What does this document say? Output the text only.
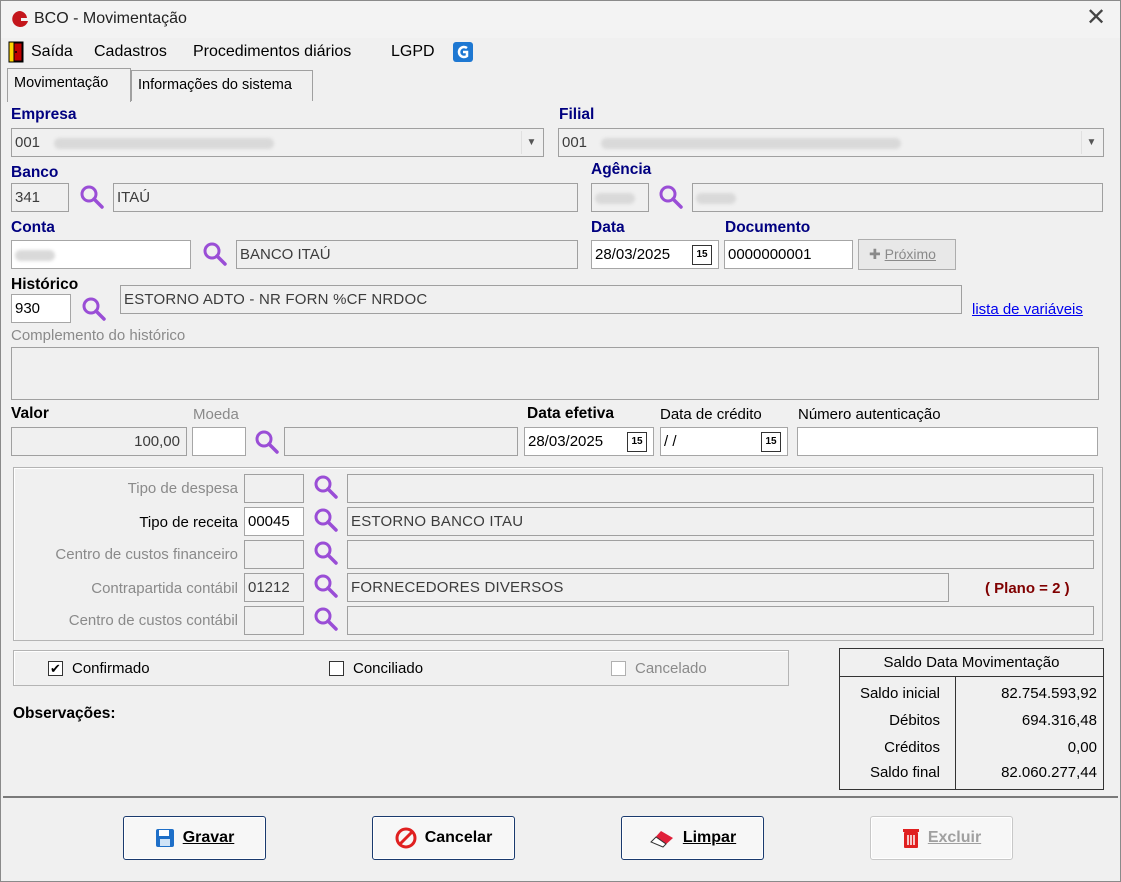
BCO - Movimentação	✕
Saída Cadastros Procedimentos diários LGPD
Movimentação	Informações do sistema
Empresa
001	▼
Filial
001	▼
Banco
341	ITAÚ
Agência
Conta
BANCO ITAÚ
Data
28/03/2025	15
Documento
0000000001	✚ Próximo
Histórico
930
ESTORNO ADTO - NR FORN %CF NRDOC
lista de variáveis
Complemento do histórico
Valor
100,00
Moeda	Data efetiva
28/03/2025	15
Data de crédito
/ /	15
Número autenticação
Tipo de despesa
Tipo de receita 00045	ESTORNO BANCO ITAU
Centro de custos financeiro
Contrapartida contábil 01212	FORNECEDORES DIVERSOS	( Plano = 2 )
Centro de custos contábil
✔ Confirmado	Conciliado	Cancelado
Observações:
Saldo Data Movimentação
Saldo inicial	82.754.593,92
Débitos	694.316,48
Créditos	0,00
Saldo final	82.060.277,44
Gravar	Cancelar	Limpar	Excluir
